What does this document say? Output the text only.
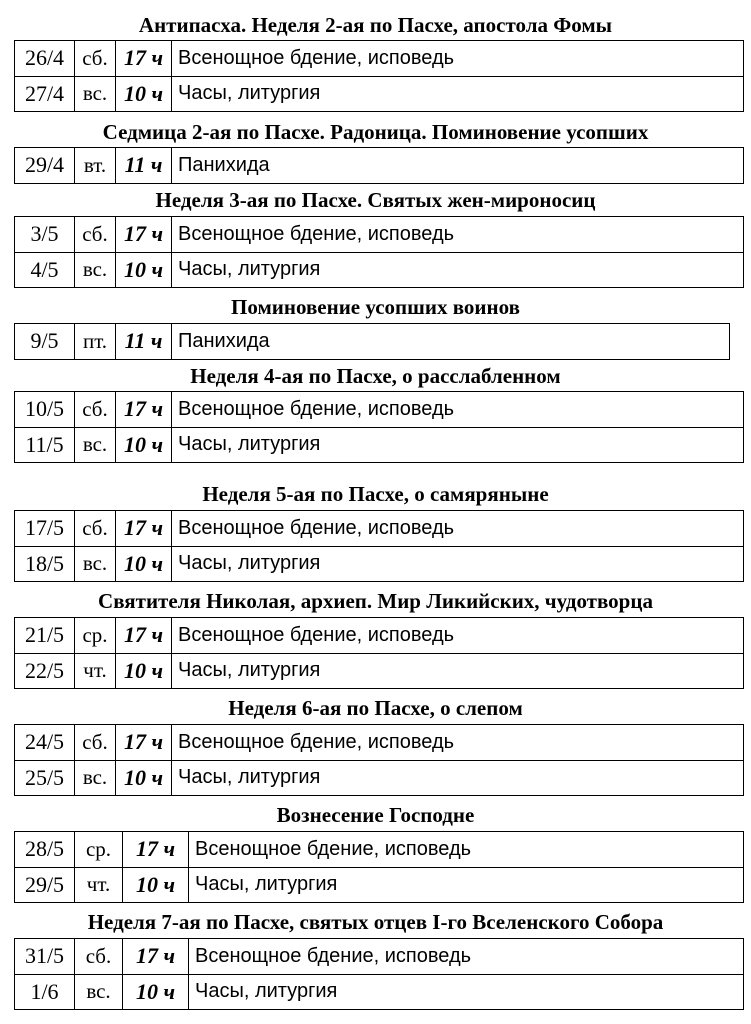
Антипасха. Неделя 2-ая по Пасхе, апостола Фомы
26/4	сб.	17 ч	Всенощное бдение, исповедь
27/4	вс.	10 ч	Часы, литургия
Седмица 2-ая по Пасхе. Радоница. Поминовение усопших
29/4	вт.	11 ч	Панихида
Неделя 3-ая по Пасхе. Святых жен-мироносиц
3/5	сб.	17 ч	Всенощное бдение, исповедь
4/5	вс.	10 ч	Часы, литургия
Поминовение усопших воинов
9/5	пт.	11 ч	Панихида
Неделя 4-ая по Пасхе, о расслабленном
10/5	сб.	17 ч	Всенощное бдение, исповедь
11/5	вс.	10 ч	Часы, литургия
Неделя 5-ая по Пасхе, о самяряныне
17/5	сб.	17 ч	Всенощное бдение, исповедь
18/5	вс.	10 ч	Часы, литургия
Святителя Николая, архиеп. Мир Ликийских, чудотворца
21/5	ср.	17 ч	Всенощное бдение, исповедь
22/5	чт.	10 ч	Часы, литургия
Неделя 6-ая по Пасхе, о слепом
24/5	сб.	17 ч	Всенощное бдение, исповедь
25/5	вс.	10 ч	Часы, литургия
Вознесение Господне
28/5	ср.	17 ч	Всенощное бдение, исповедь
29/5	чт.	10 ч	Часы, литургия
Неделя 7-ая по Пасхе, святых отцев I-го Вселенского Собора
31/5	сб.	17 ч	Всенощное бдение, исповедь
1/6	вс.	10 ч	Часы, литургия
